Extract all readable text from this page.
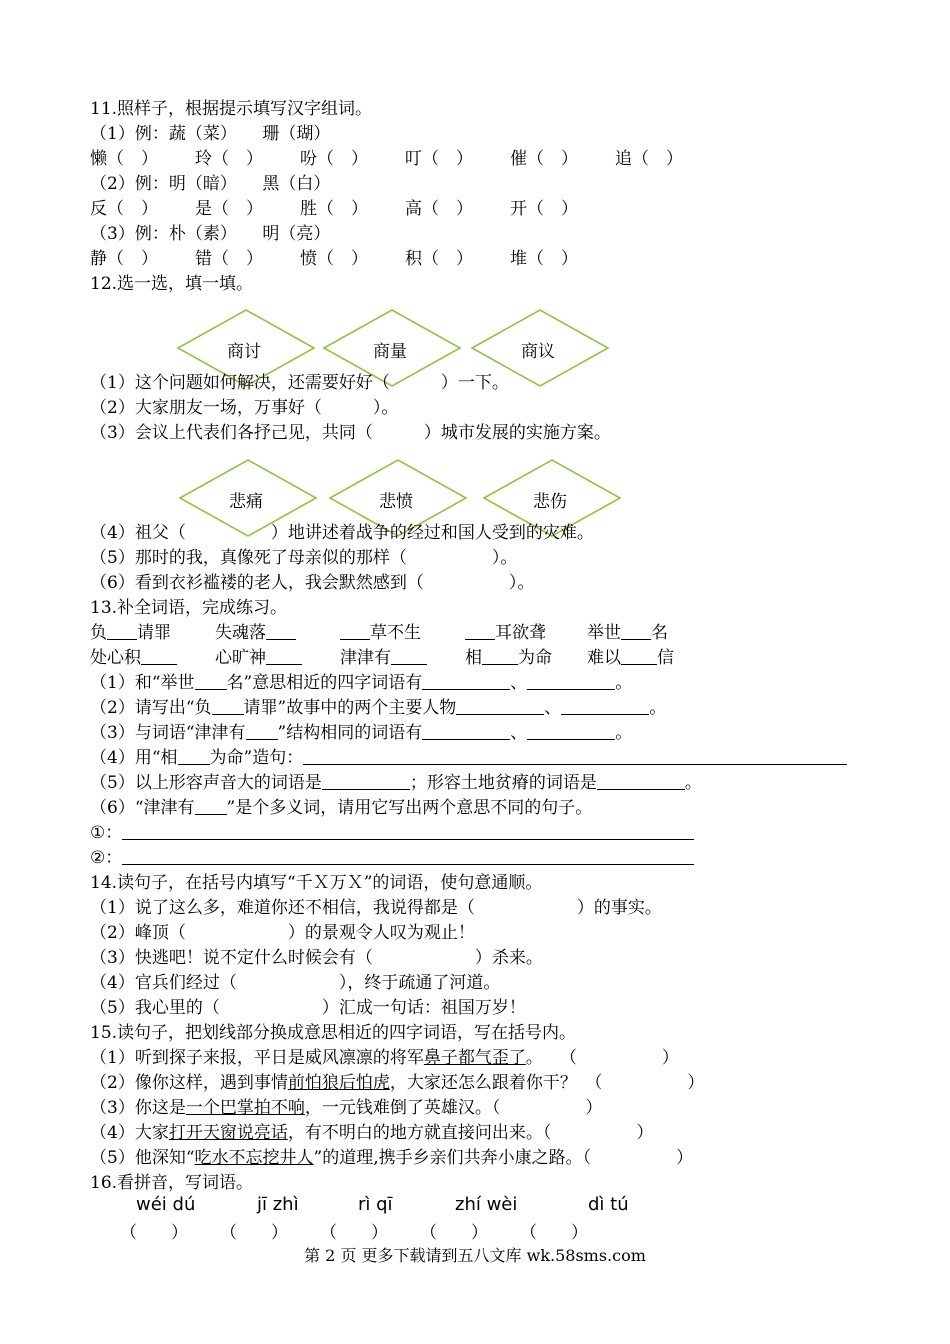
11.照样子，根据提示填写汉字组词。
（1）例：蔬（菜）　　珊（瑚）
懒（　） 玲（　） 吩（　） 叮（　） 催（　） 追（　）
（2）例：明（暗）　　黑（白）
反（　） 是（　） 胜（　） 高（　） 开（　）
（3）例：朴（素）　　明（亮）
静（　） 错（　） 愤（　） 积（　） 堆（　）
12.选一选，填一填。
商讨	商量	商议
（1）这个问题如何解决，还需要好好（　　　）一下。
（2）大家朋友一场，万事好（　　　）。
（3）会议上代表们各抒己见，共同（　　　）城市发展的实施方案。
悲痛	悲愤	悲伤
（4）祖父（　　　　　）地讲述着战争的经过和国人受到的灾难。
（5）那时的我，真像死了母亲似的那样（　　　　　）。
（6）看到衣衫褴褛的老人，我会默然感到（　　　　　）。
13.补全词语，完成练习。
负 请罪	失魂落	草不生	耳欲聋 举世 名
处心积	心旷神	津津有	相 为命 难以 信
（1）和“举世 名”意思相近的四字词语有	、	。
（2）请写出“负 请罪”故事中的两个主要人物	、	。
（3）与词语“津津有 ”结构相同的词语有	、	。
（4）用“相 为命”造句：
（5）以上形容声音大的词语是	；形容土地贫瘠的词语是	。
（6）“津津有 ”是个多义词，请用它写出两个意思不同的句子。
①：
②：
14.读句子，在括号内填写“千Ｘ万Ｘ”的词语，使句意通顺。
（1）说了这么多，难道你还不相信，我说得都是（　　　　　　）的事实。
（2）峰顶（　　　　　　）的景观令人叹为观止！
（3）快逃吧！说不定什么时候会有（　　　　　　）杀来。
（4）官兵们经过（　　　　　　），终于疏通了河道。
（5）我心里的（　　　　　　）汇成一句话：祖国万岁！
15.读句子，把划线部分换成意思相近的四字词语，写在括号内。
（1）听到探子来报，平日是威风凛凛的将军鼻子都气歪了。　　（　　　　　）
（2）像你这样，遇到事情前怕狼后怕虎，大家还怎么跟着你干？　（　　　　　）
（3）你这是一个巴掌拍不响，一元钱难倒了英雄汉。（　　　　　）
（4）大家打开天窗说亮话，有不明白的地方就直接问出来。（　　　　　）
（5）他深知“吃水不忘挖井人”的道理,携手乡亲们共奔小康之路。（　　　　　）
16.看拼音，写词语。
wéi dú	jī zhì	rì qī	zhí wèi	dì tú
（　　） （　　） （　　） （　　） （　　）
第 2 页 更多下载请到五八文库 wk.58sms.com
